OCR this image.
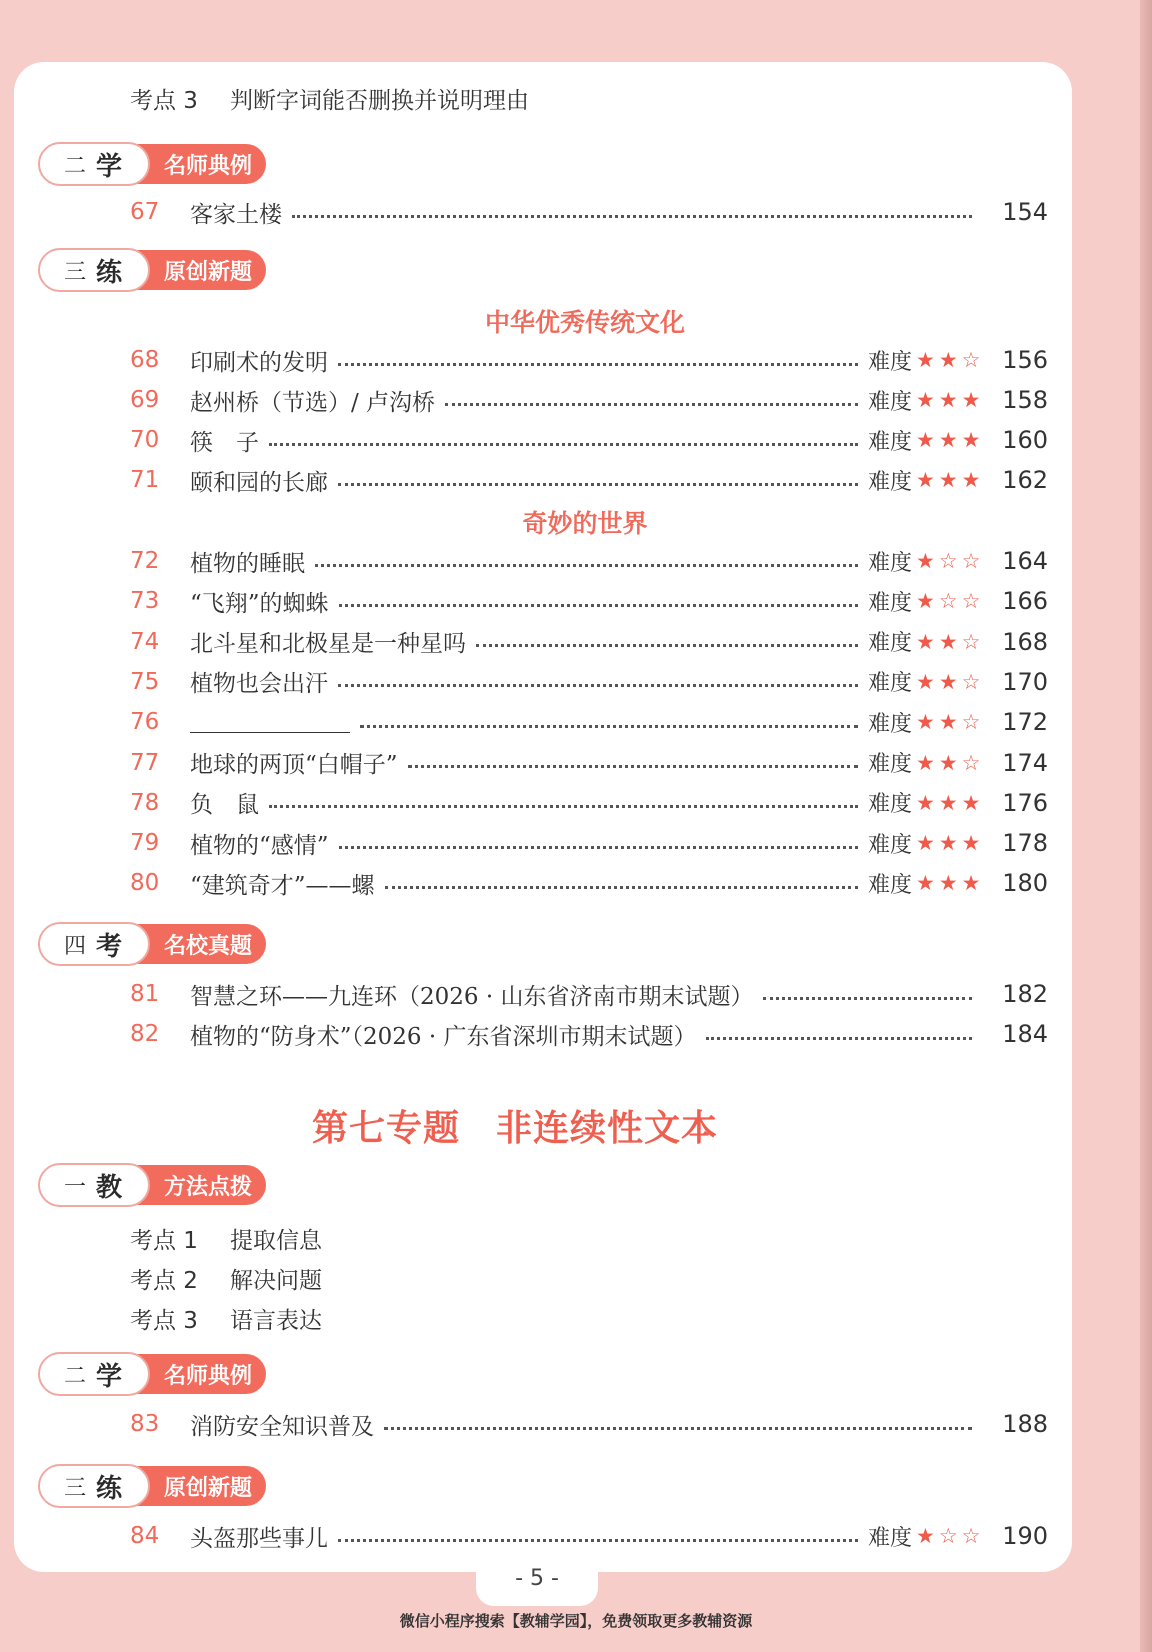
考点 3 判断字词能否删换并说明理由
二 学	名师典例
67	客家土楼	154
三 练	原创新题
中华优秀传统文化
68	印刷术的发明	难度 ★★☆ 156
69	赵州桥（节选）/ 卢沟桥	难度 ★★★ 158
70	筷　子	难度 ★★★ 160
71	颐和园的长廊	难度 ★★★ 162
奇妙的世界
72	植物的睡眠	难度 ★☆☆ 164
73	“飞翔”的蜘蛛	难度 ★☆☆ 166
74	北斗星和北极星是一种星吗	难度 ★★☆ 168
75	植物也会出汗	难度 ★★☆ 170
76	难度 ★★☆ 172
77	地球的两顶“白帽子”	难度 ★★☆ 174
78	负　鼠	难度 ★★★ 176
79	植物的“感情”	难度 ★★★ 178
80	“建筑奇才”——螺	难度 ★★★ 180
四 考	名校真题
81	智慧之环——九连环（2026 · 山东省济南市期末试题）	182
82	植物的“防身术”（2026 · 广东省深圳市期末试题）	184
第七专题 非连续性文本
一 教	方法点拨
考点 1 提取信息
考点 2 解决问题
考点 3 语言表达
二 学	名师典例
83	消防安全知识普及	188
三 练	原创新题
84	头盔那些事儿	难度 ★☆☆ 190
- 5 -
微信小程序搜索【教辅学园】，免费领取更多教辅资源
